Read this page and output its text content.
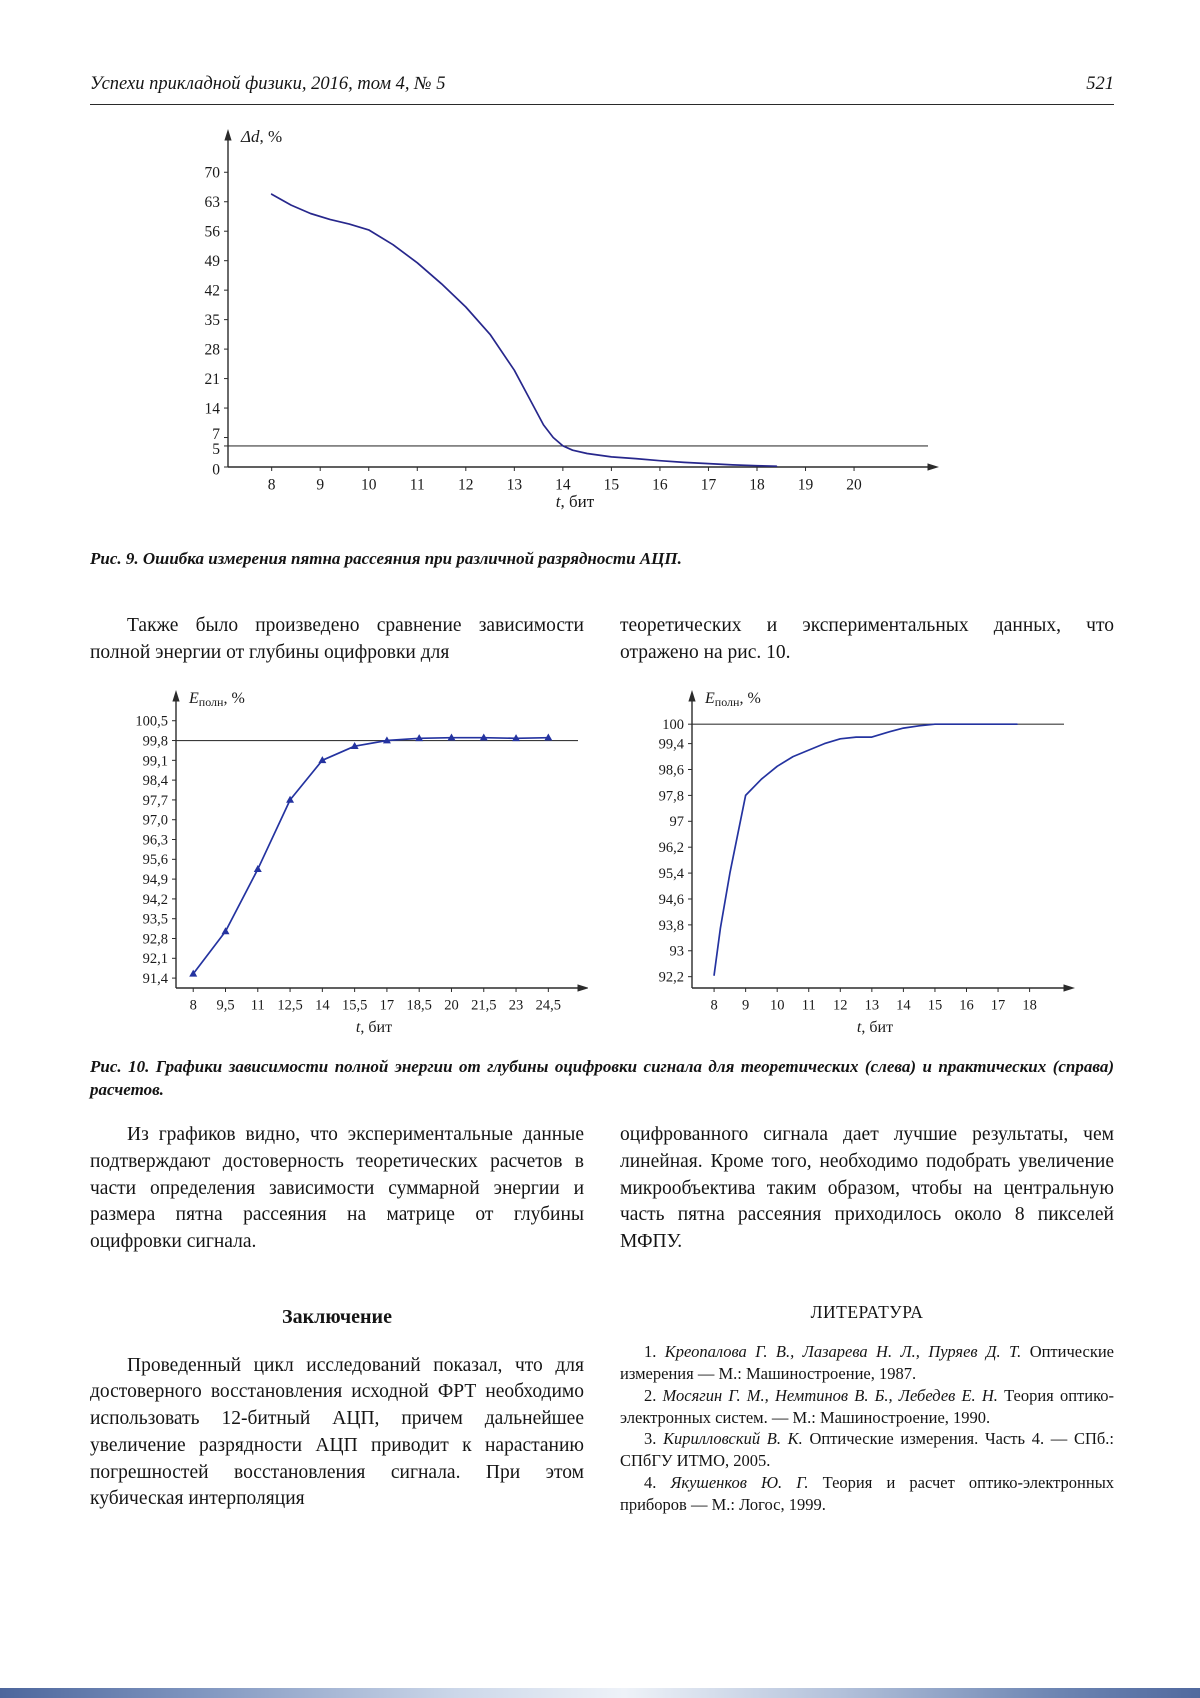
Успехи прикладной физики, 2016, том 4, № 5	521
0
5
7
14
21
28
35
42
49
56
63
70
8	9 10 11 12 13 14 15 16 17 18 19 20
Δd, %
t, бит

Рис. 9. Ошибка измерения пятна рассеяния при различной разрядности АЦП.

Также было произведено сравнение зависимости полной энергии от глубины оцифровки для

теоретических и экспериментальных данных, что отражено на рис. 10.

91,4
92,1
92,8
93,5
94,2
94,9
95,6
96,3
97,0
97,7
98,4
99,1
99,8
100,5
8 9,5 11 12,5 14 15,5 17 18,5 20 21,5 23 24,5
Eполн, %
t, бит
92,2
93
93,8
94,6
95,4
96,2
97
97,8
98,6
99,4
100
8 9 10 11 12 13 14 15 16 17 18
Eполн, %
t, бит

Рис. 10. Графики зависимости полной энергии от глубины оцифровки сигнала для теоретических (слева) и практических (справа) расчетов.

Из графиков видно, что экспериментальные данные подтверждают достоверность теоретических расчетов в части определения зависимости суммарной энергии и размера пятна рассеяния на матрице от глубины оцифровки сигнала.

Заключение

Проведенный цикл исследований показал, что для достоверного восстановления исходной ФРТ необходимо использовать 12-битный АЦП, причем дальнейшее увеличение разрядности АЦП приводит к нарастанию погрешностей восстановления сигнала. При этом кубическая интерполяция

оцифрованного сигнала дает лучшие результаты, чем линейная. Кроме того, необходимо подобрать увеличение микрообъектива таким образом, чтобы на центральную часть пятна рассеяния приходилось около 8 пикселей МФПУ.

ЛИТЕРАТУРА

1. Креопалова Г. В., Лазарева Н. Л., Пуряев Д. Т. Оптические измерения — М.: Машиностроение, 1987.

2. Мосягин Г. М., Немтинов В. Б., Лебедев Е. Н. Теория оптико-электронных систем. — М.: Машиностроение, 1990.

3. Кирилловский В. К. Оптические измерения. Часть 4. — СПб.: СПбГУ ИТМО, 2005.

4. Якушенков Ю. Г. Теория и расчет оптико-электронных приборов — М.: Логос, 1999.
